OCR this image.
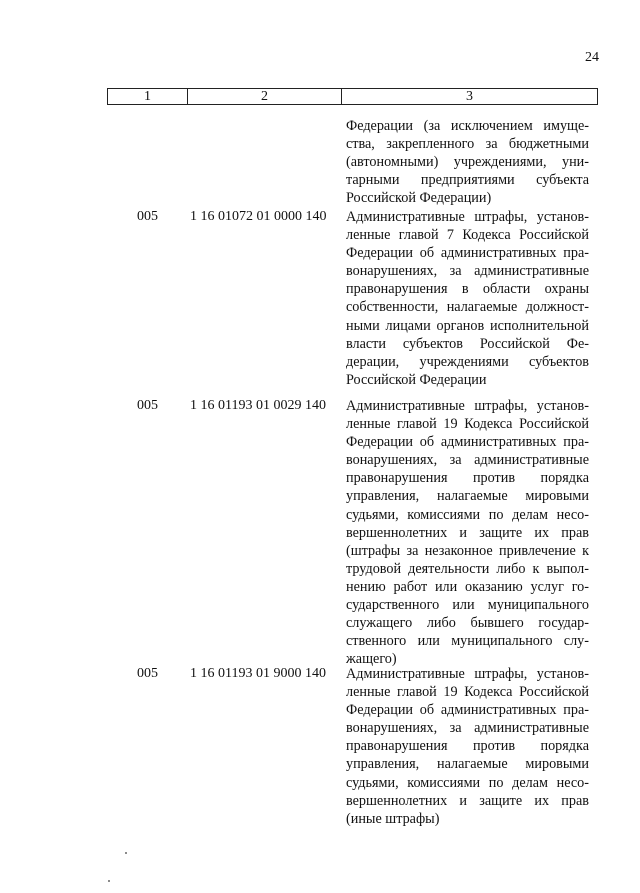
24
1	2	3
Федерации (за исключением имущества, закрепленного за бюджетными (автономными) учреждениями, унитарными предприятиями субъекта Российской Федерации)
005 1 16 01072 01 0000 140 Административные штрафы, установленные главой 7 Кодекса Российской Федерации об административных правонарушениях, за административные правонарушения в области охраны собственности, налагаемые должностными лицами органов исполнительной власти субъектов Российской Федерации, учреждениями субъектов Российской Федерации
005 1 16 01193 01 0029 140 Административные штрафы, установленные главой 19 Кодекса Российской Федерации об административных правонарушениях, за административные правонарушения против порядка управления, налагаемые мировыми судьями, комиссиями по делам несовершеннолетних и защите их прав (штрафы за незаконное привлечение к трудовой деятельности либо к выполнению работ или оказанию услуг государственного или муниципального служащего либо бывшего государственного или муниципального служащего)
005 1 16 01193 01 9000 140 Административные штрафы, установленные главой 19 Кодекса Российской Федерации об административных правонарушениях, за административные правонарушения против порядка управления, налагаемые мировыми судьями, комиссиями по делам несовершеннолетних и защите их прав (иные штрафы)
